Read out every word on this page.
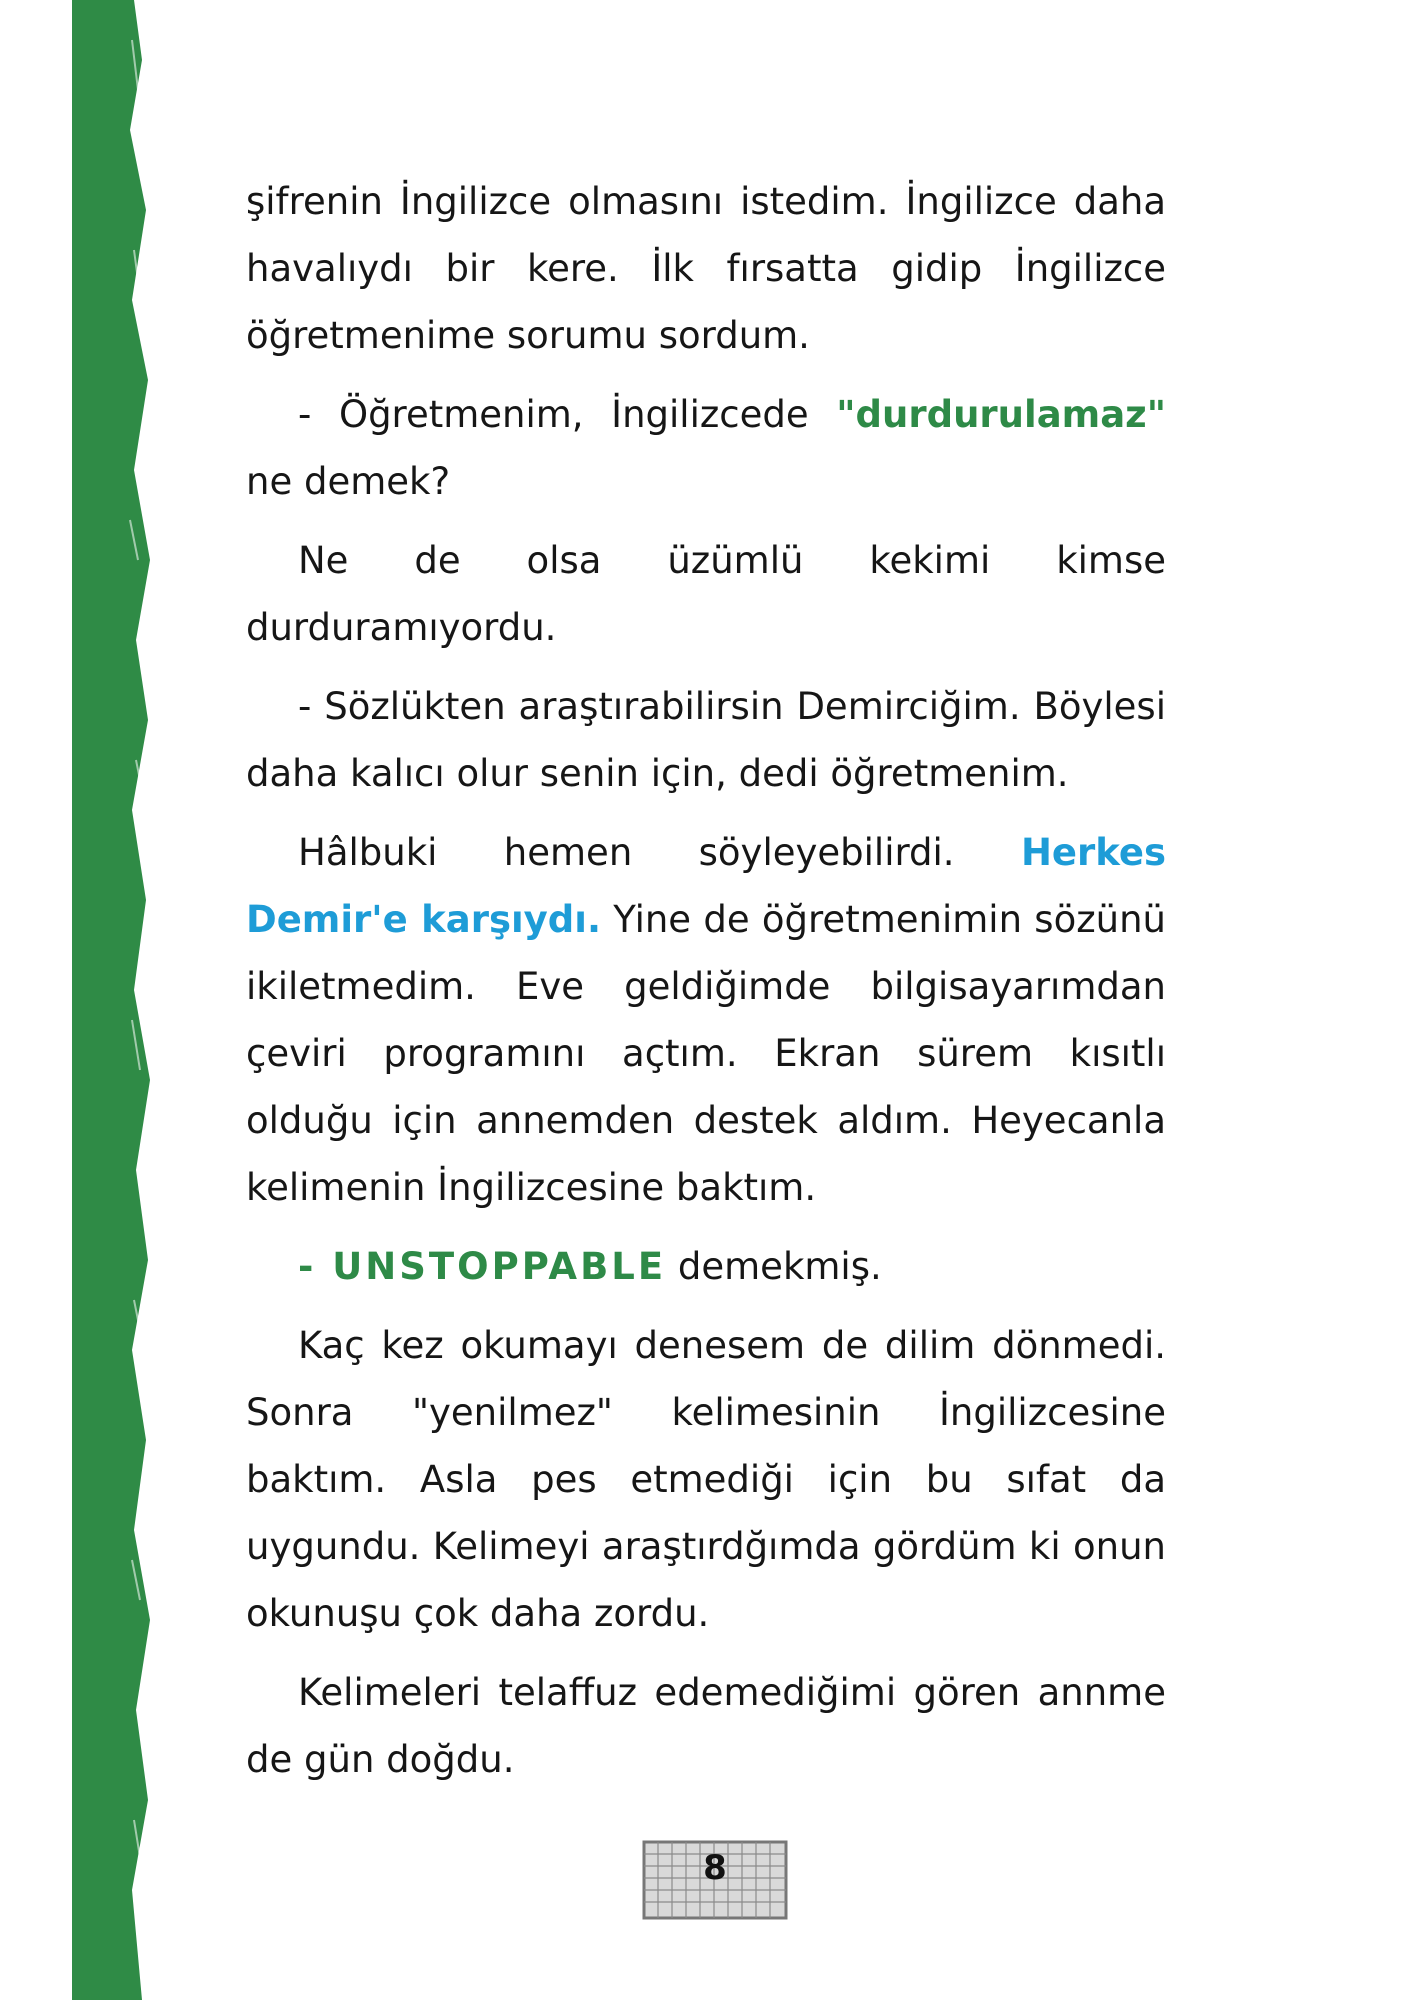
şifrenin İngilizce olmasını istedim. İngilizce daha havalıydı bir kere. İlk fırsatta gidip İngilizce öğretmenime sorumu sordum.

- Öğretmenim, İngilizcede "durdurulamaz" ne demek?

Ne de olsa üzümlü kekimi kimse durduramıyordu.

- Sözlükten araştırabilirsin Demirciğim. Böylesi daha kalıcı olur senin için, dedi öğretmenim.

Hâlbuki hemen söyleyebilirdi. Herkes Demir'e karşıydı. Yine de öğretmenimin sözünü ikiletmedim. Eve geldiğimde bilgisayarımdan çeviri programını açtım. Ekran sürem kısıtlı olduğu için annemden destek aldım. Heyecanla kelimenin İngilizcesine baktım.

- UNSTOPPABLE demekmiş.

Kaç kez okumayı denesem de dilim dönmedi. Sonra "yenilmez" kelimesinin İngilizcesine baktım. Asla pes etmediği için bu sıfat da uygundu. Kelimeyi araştırdğımda gördüm ki onun okunuşu çok daha zordu.

Kelimeleri telaffuz edemediğimi gören annme de gün doğdu.

8
